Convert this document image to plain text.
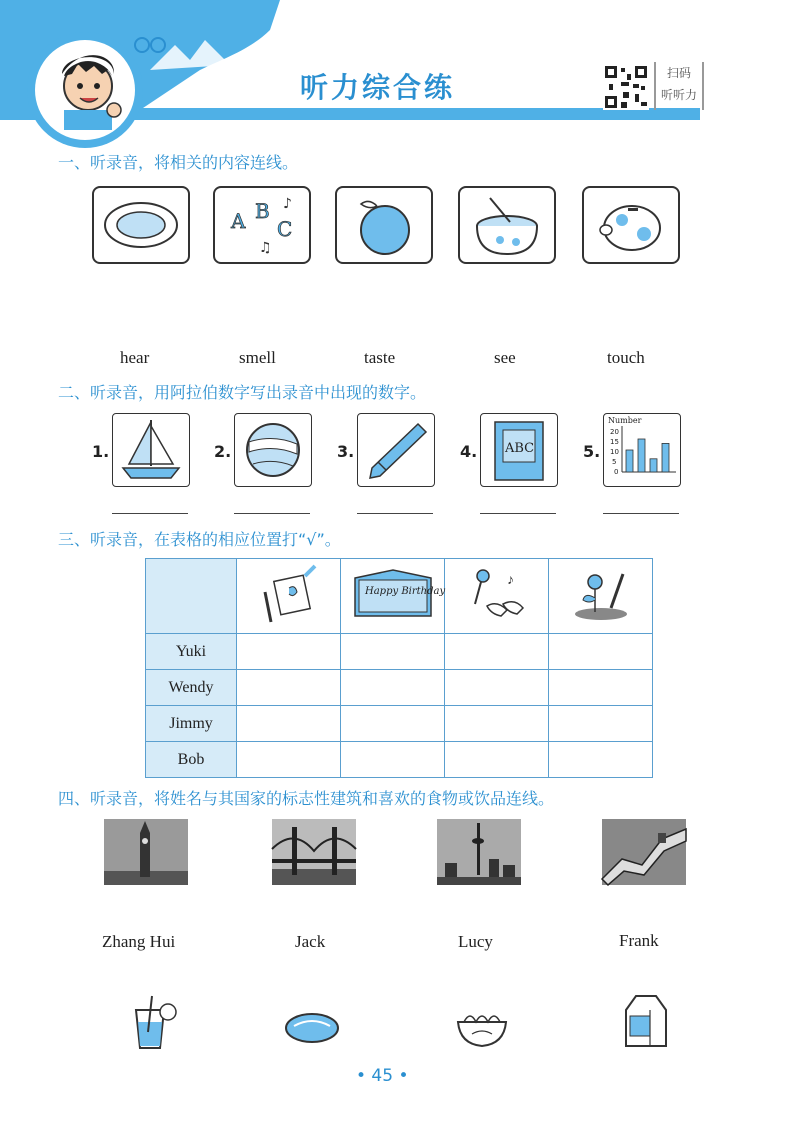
听力综合练	扫码
听听力
一、听录音，将相关的内容连线。
A B
C
♪
♫
hear	smell	taste	see	touch
二、听录音，用阿拉伯数字写出录音中出现的数字。
1.	2.	3.	4. ABC	5.
Number
20
15
10
5
0
三、听录音，在表格的相应位置打“√”。

Happy Birthday	♪

Yuki				
Wendy				
Jimmy				
Bob				
四、听录音，将姓名与其国家的标志性建筑和喜欢的食物或饮品连线。
Zhang Hui	Jack	Lucy	Frank
• 45 •
